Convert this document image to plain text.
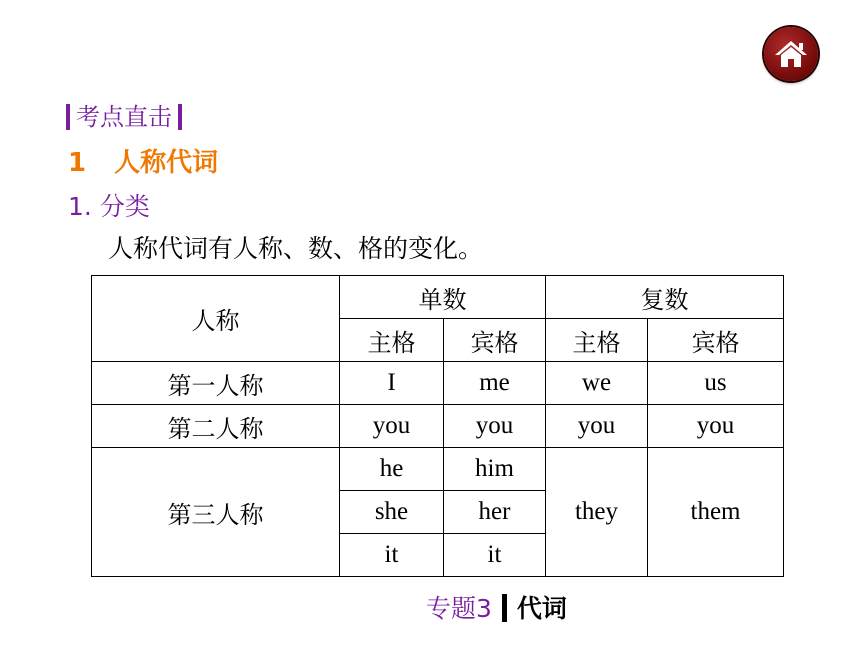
考点直击
1 人称代词
1. 分类
人称代词有人称、数、格的变化。
人称	单数		复数	
	主格	宾格	主格	宾格
第一人称	I	me	we	us
第二人称	you	you	you	you
第三人称	he	him	they	them
	she	her		
	it	it		
专题3 代词
